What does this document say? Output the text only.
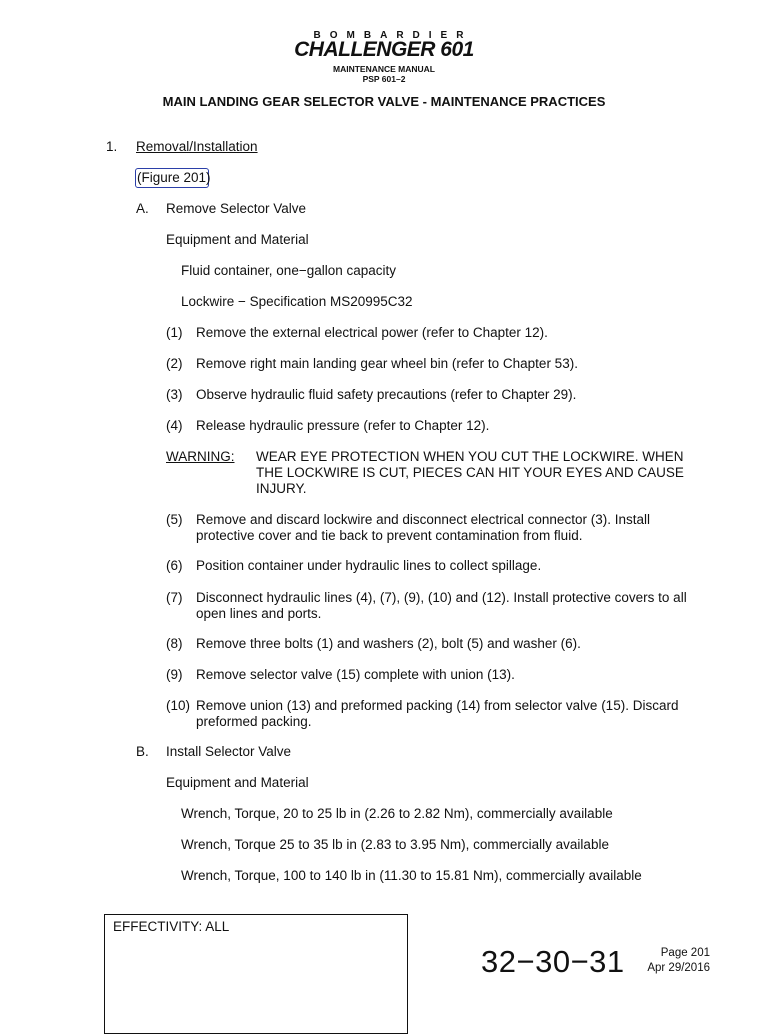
BOMBARDIER
CHALLENGER 601
MAINTENANCE MANUAL
PSP 601–2
MAIN LANDING GEAR SELECTOR VALVE - MAINTENANCE PRACTICES
1. Removal/Installation
(Figure 201)
A. Remove Selector Valve
Equipment and Material
Fluid container, one−gallon capacity
Lockwire − Specification MS20995C32
(1) Remove the external electrical power (refer to Chapter 12).
(2) Remove right main landing gear wheel bin (refer to Chapter 53).
(3) Observe hydraulic fluid safety precautions (refer to Chapter 29).
(4) Release hydraulic pressure (refer to Chapter 12).
WARNING: WEAR EYE PROTECTION WHEN YOU CUT THE LOCKWIRE. WHEN
THE LOCKWIRE IS CUT, PIECES CAN HIT YOUR EYES AND CAUSE
INJURY.
(5) Remove and discard lockwire and disconnect electrical connector (3). Install
protective cover and tie back to prevent contamination from fluid.
(6) Position container under hydraulic lines to collect spillage.
(7) Disconnect hydraulic lines (4), (7), (9), (10) and (12). Install protective covers to all
open lines and ports.
(8) Remove three bolts (1) and washers (2), bolt (5) and washer (6).
(9) Remove selector valve (15) complete with union (13).
(10) Remove union (13) and preformed packing (14) from selector valve (15). Discard
preformed packing.
B. Install Selector Valve
Equipment and Material
Wrench, Torque, 20 to 25 lb in (2.26 to 2.82 Nm), commercially available
Wrench, Torque 25 to 35 lb in (2.83 to 3.95 Nm), commercially available
Wrench, Torque, 100 to 140 lb in (11.30 to 15.81 Nm), commercially available
EFFECTIVITY: ALL
32−30−31	Page 201
Apr 29/2016
